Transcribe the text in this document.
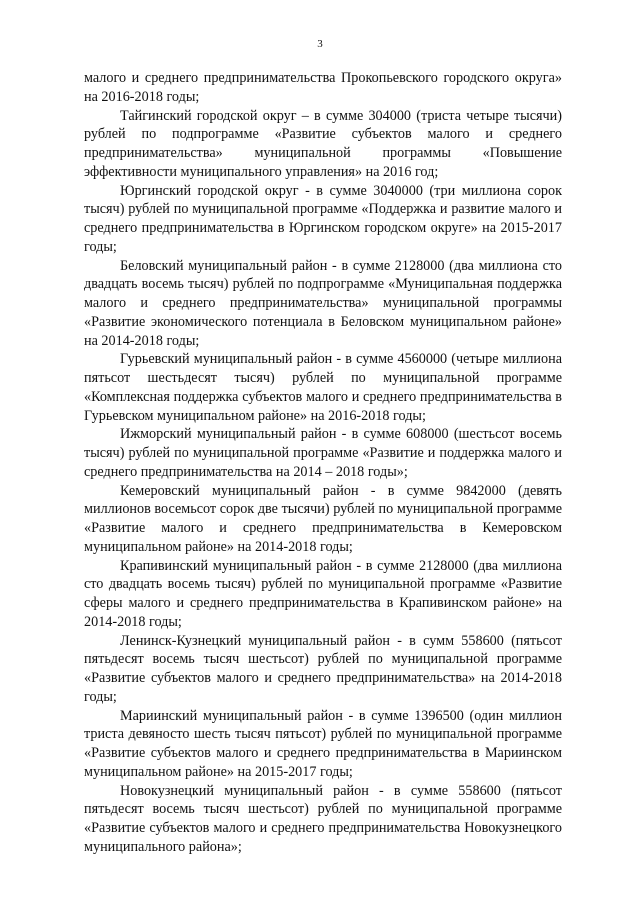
3

малого и среднего предпринимательства Прокопьевского городского округа» на 2016-2018 годы;

Тайгинский городской округ – в сумме 304000 (триста четыре тысячи) рублей по подпрограмме «Развитие субъектов малого и среднего предпринимательства» муниципальной программы «Повышение эффективности муниципального управления» на 2016 год;

Юргинский городской округ - в сумме 3040000 (три миллиона сорок тысяч) рублей по муниципальной программе «Поддержка и развитие малого и среднего предпринимательства в Юргинском городском округе» на 2015-2017 годы;

Беловский муниципальный район - в сумме 2128000 (два миллиона сто двадцать восемь тысяч) рублей по подпрограмме «Муниципальная поддержка малого и среднего предпринимательства» муниципальной программы «Развитие экономического потенциала в Беловском муниципальном районе» на 2014-2018 годы;

Гурьевский муниципальный район - в сумме 4560000 (четыре миллиона пятьсот шестьдесят тысяч) рублей по муниципальной программе «Комплексная поддержка субъектов малого и среднего предпринимательства в Гурьевском муниципальном районе» на 2016-2018 годы;

Ижморский муниципальный район - в сумме 608000 (шестьсот восемь тысяч) рублей по муниципальной программе «Развитие и поддержка малого и среднего предпринимательства на 2014 – 2018 годы»;

Кемеровский муниципальный район - в сумме 9842000 (девять миллионов восемьсот сорок две тысячи) рублей по муниципальной программе «Развитие малого и среднего предпринимательства в Кемеровском муниципальном районе» на 2014-2018 годы;

Крапивинский муниципальный район - в сумме 2128000 (два миллиона сто двадцать восемь тысяч) рублей по муниципальной программе «Развитие сферы малого и среднего предпринимательства в Крапивинском районе» на 2014-2018 годы;

Ленинск-Кузнецкий муниципальный район - в сумм 558600 (пятьсот пятьдесят восемь тысяч шестьсот) рублей по муниципальной программе «Развитие субъектов малого и среднего предпринимательства» на 2014-2018 годы;

Мариинский муниципальный район - в сумме 1396500 (один миллион триста девяносто шесть тысяч пятьсот) рублей по муниципальной программе «Развитие субъектов малого и среднего предпринимательства в Мариинском муниципальном районе» на 2015-2017 годы;

Новокузнецкий муниципальный район - в сумме 558600 (пятьсот пятьдесят восемь тысяч шестьсот) рублей по муниципальной программе «Развитие субъектов малого и среднего предпринимательства Новокузнецкого муниципального района»;
